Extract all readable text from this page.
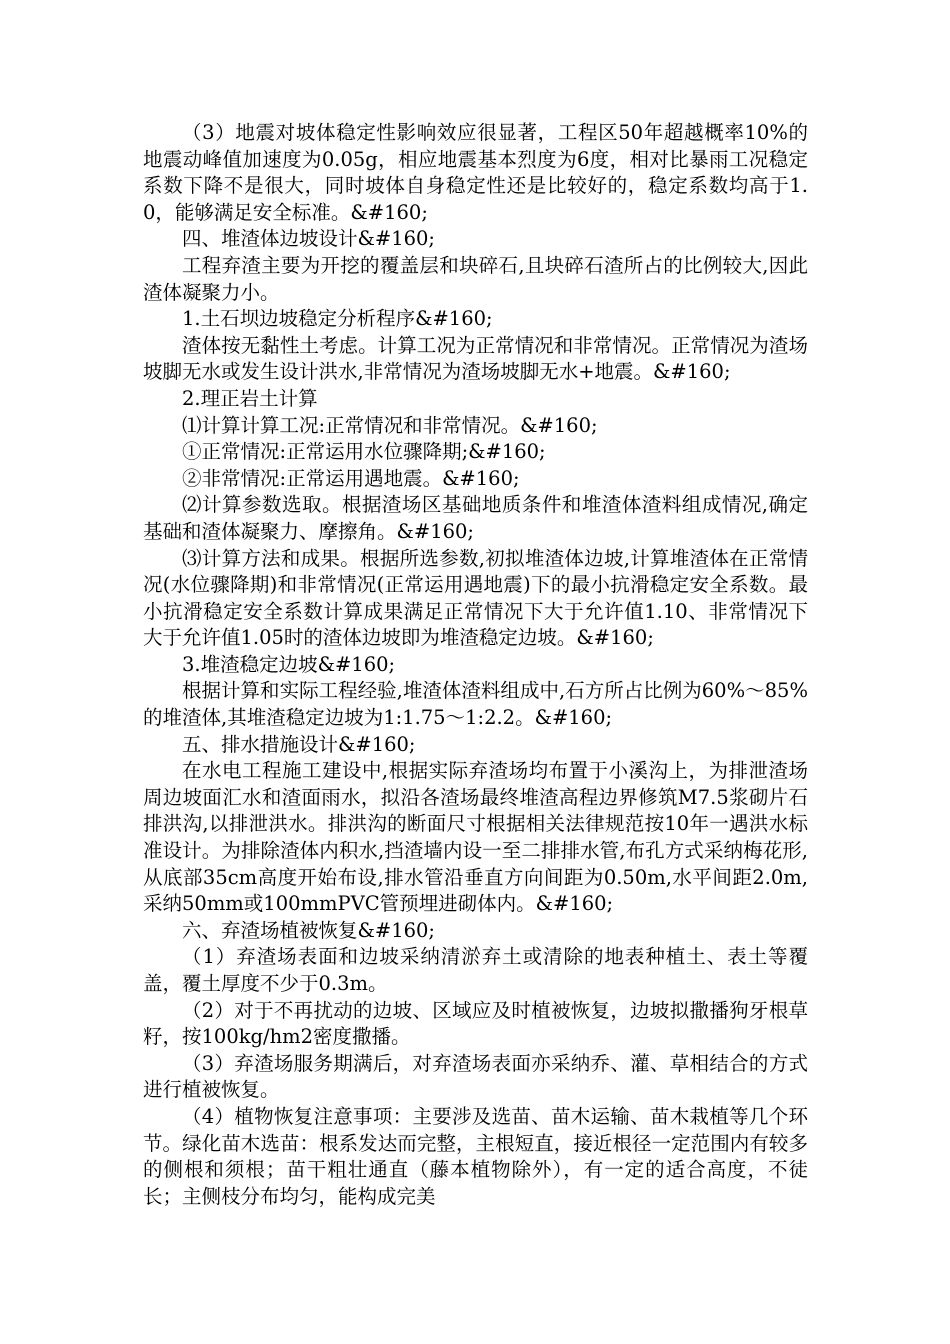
（3）地震对坡体稳定性影响效应很显著，工程区50年超越概率10%的地震动峰值加速度为0.05g，相应地震基本烈度为6度，相对比暴雨工况稳定系数下降不是很大，同时坡体自身稳定性还是比较好的，稳定系数均高于1.0，能够满足安全标准。&#160;

四、堆渣体边坡设计&#160;

工程弃渣主要为开挖的覆盖层和块碎石,且块碎石渣所占的比例较大,因此渣体凝聚力小。

1.土石坝边坡稳定分析程序&#160;

渣体按无黏性土考虑。计算工况为正常情况和非常情况。正常情况为渣场坡脚无水或发生设计洪水,非常情况为渣场坡脚无水+地震。&#160;

2.理正岩土计算

⑴计算计算工况:正常情况和非常情况。&#160;

①正常情况:正常运用水位骤降期;&#160;

②非常情况:正常运用遇地震。&#160;

⑵计算参数选取。根据渣场区基础地质条件和堆渣体渣料组成情况,确定基础和渣体凝聚力、摩擦角。&#160;

⑶计算方法和成果。根据所选参数,初拟堆渣体边坡,计算堆渣体在正常情况(水位骤降期)和非常情况(正常运用遇地震)下的最小抗滑稳定安全系数。最小抗滑稳定安全系数计算成果满足正常情况下大于允许值1.10、非常情况下大于允许值1.05时的渣体边坡即为堆渣稳定边坡。&#160;

3.堆渣稳定边坡&#160;

根据计算和实际工程经验,堆渣体渣料组成中,石方所占比例为60%～85%的堆渣体,其堆渣稳定边坡为1:1.75～1:2.2。&#160;

五、排水措施设计&#160;

在水电工程施工建设中,根据实际弃渣场均布置于小溪沟上，为排泄渣场周边坡面汇水和渣面雨水，拟沿各渣场最终堆渣高程边界修筑M7.5浆砌片石排洪沟,以排泄洪水。排洪沟的断面尺寸根据相关法律规范按10年一遇洪水标准设计。为排除渣体内积水,挡渣墙内设一至二排排水管,布孔方式采纳梅花形,从底部35cm高度开始布设,排水管沿垂直方向间距为0.50m,水平间距2.0m,采纳50mm或100mmPVC管预埋进砌体内。&#160;

六、弃渣场植被恢复&#160;

（1）弃渣场表面和边坡采纳清淤弃土或清除的地表种植土、表土等覆盖，覆土厚度不少于0.3m。

（2）对于不再扰动的边坡、区域应及时植被恢复，边坡拟撒播狗牙根草籽，按100kg/hm2密度撒播。

（3）弃渣场服务期满后，对弃渣场表面亦采纳乔、灌、草相结合的方式进行植被恢复。

（4）植物恢复注意事项：主要涉及选苗、苗木运输、苗木栽植等几个环节。绿化苗木选苗：根系发达而完整，主根短直，接近根径一定范围内有较多的侧根和须根；苗干粗壮通直（藤本植物除外），有一定的适合高度，不徒长；主侧枝分布均匀，能构成完美
